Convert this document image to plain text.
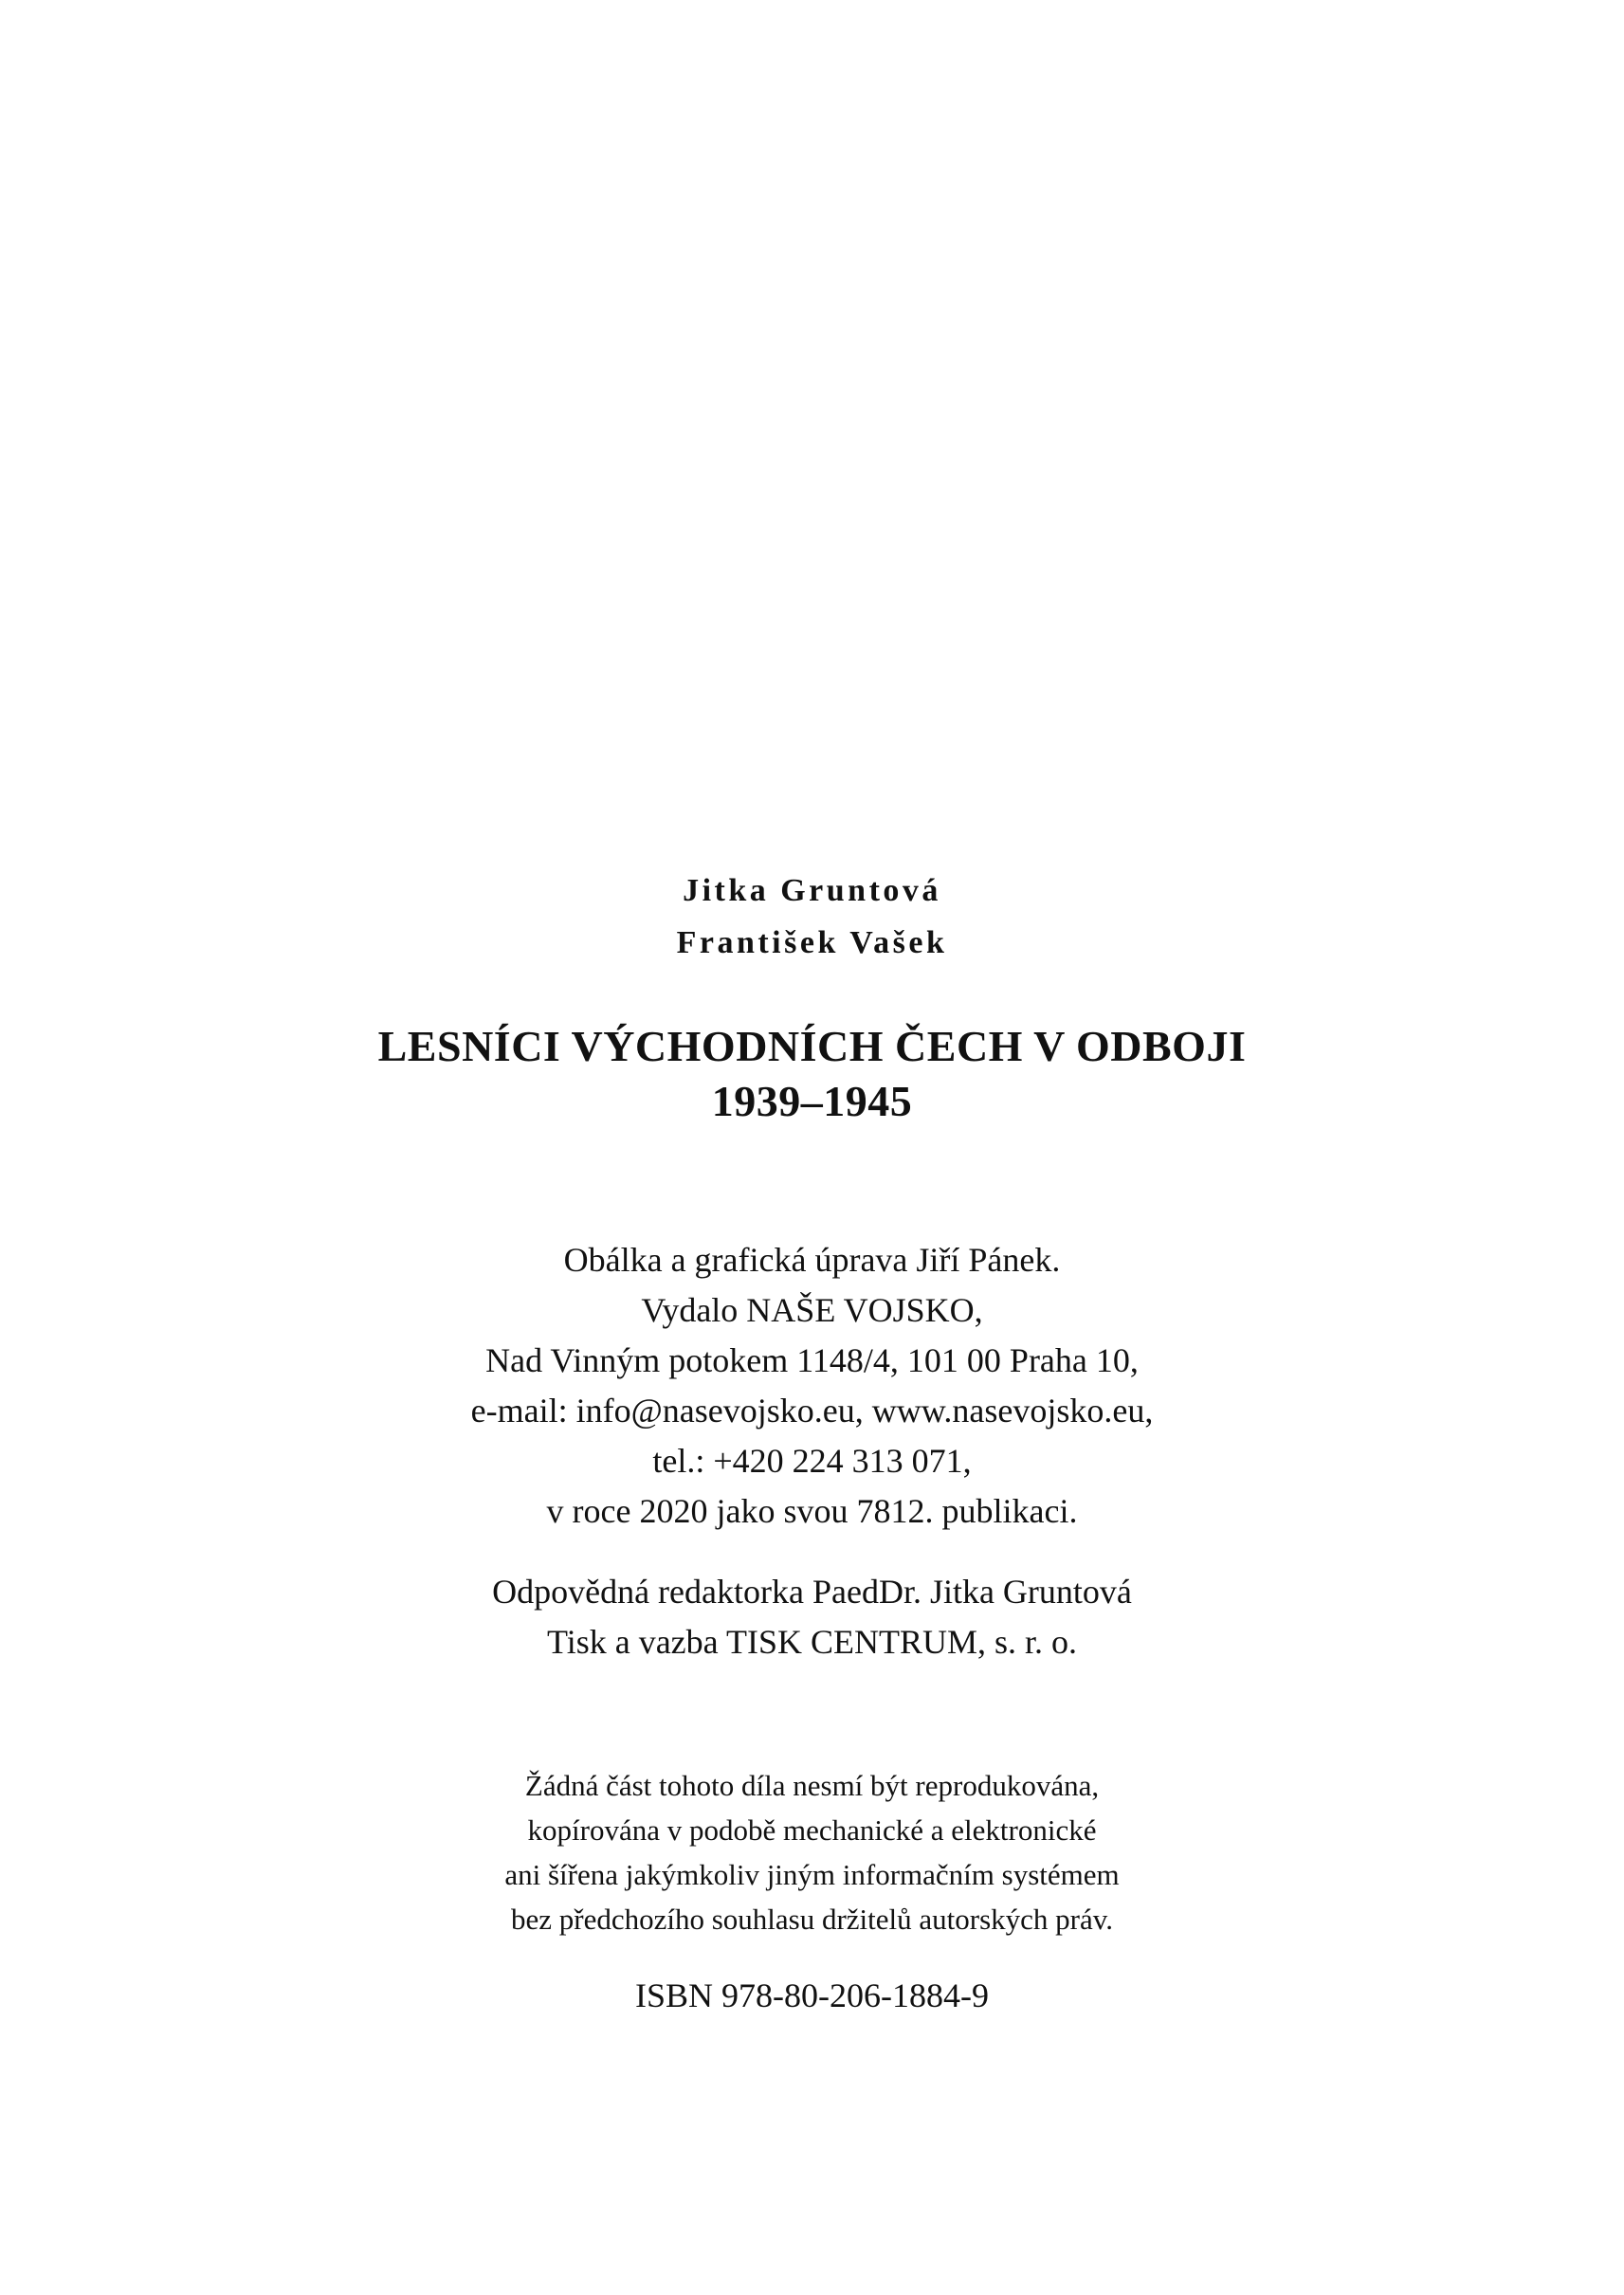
Jitka Gruntová
František Vašek
LESNÍCI VÝCHODNÍCH ČECH V ODBOJI
1939–1945
Obálka a grafická úprava Jiří Pánek.
Vydalo NAŠE VOJSKO,
Nad Vinným potokem 1148/4, 101 00 Praha 10,
e-mail: info@nasevojsko.eu, www.nasevojsko.eu,
tel.: +420 224 313 071,
v roce 2020 jako svou 7812. publikaci.
Odpovědná redaktorka PaedDr. Jitka Gruntová
Tisk a vazba TISK CENTRUM, s. r. o.
Žádná část tohoto díla nesmí být reprodukována,
kopírována v podobě mechanické a elektronické
ani šířena jakýmkoliv jiným informačním systémem
bez předchozího souhlasu držitelů autorských práv.
ISBN 978-80-206-1884-9
